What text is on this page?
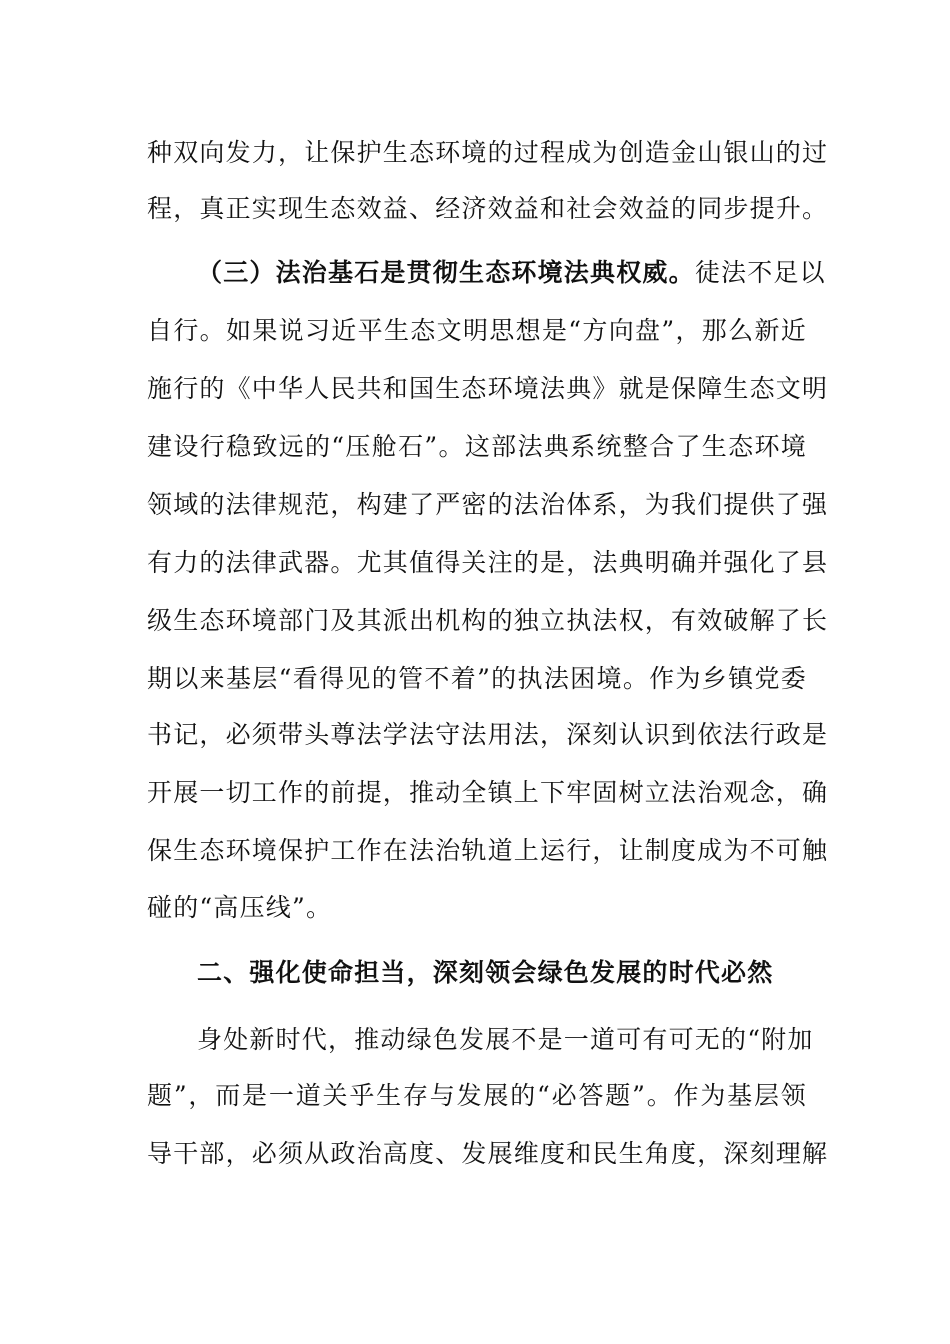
种双向发力，让保护生态环境的过程成为创造金山银山的过
程，真正实现生态效益、经济效益和社会效益的同步提升。
（三）法治基石是贯彻生态环境法典权威。徒法不足以
自行。如果说习近平生态文明思想是“方向盘”，那么新近
施行的《中华人民共和国生态环境法典》就是保障生态文明
建设行稳致远的“压舱石”。这部法典系统整合了生态环境
领域的法律规范，构建了严密的法治体系，为我们提供了强
有力的法律武器。尤其值得关注的是，法典明确并强化了县
级生态环境部门及其派出机构的独立执法权，有效破解了长
期以来基层“看得见的管不着”的执法困境。作为乡镇党委
书记，必须带头尊法学法守法用法，深刻认识到依法行政是
开展一切工作的前提，推动全镇上下牢固树立法治观念，确
保生态环境保护工作在法治轨道上运行，让制度成为不可触
碰的“高压线”。
二、强化使命担当，深刻领会绿色发展的时代必然
身处新时代，推动绿色发展不是一道可有可无的“附加
题”，而是一道关乎生存与发展的“必答题”。作为基层领
导干部，必须从政治高度、发展维度和民生角度，深刻理解
